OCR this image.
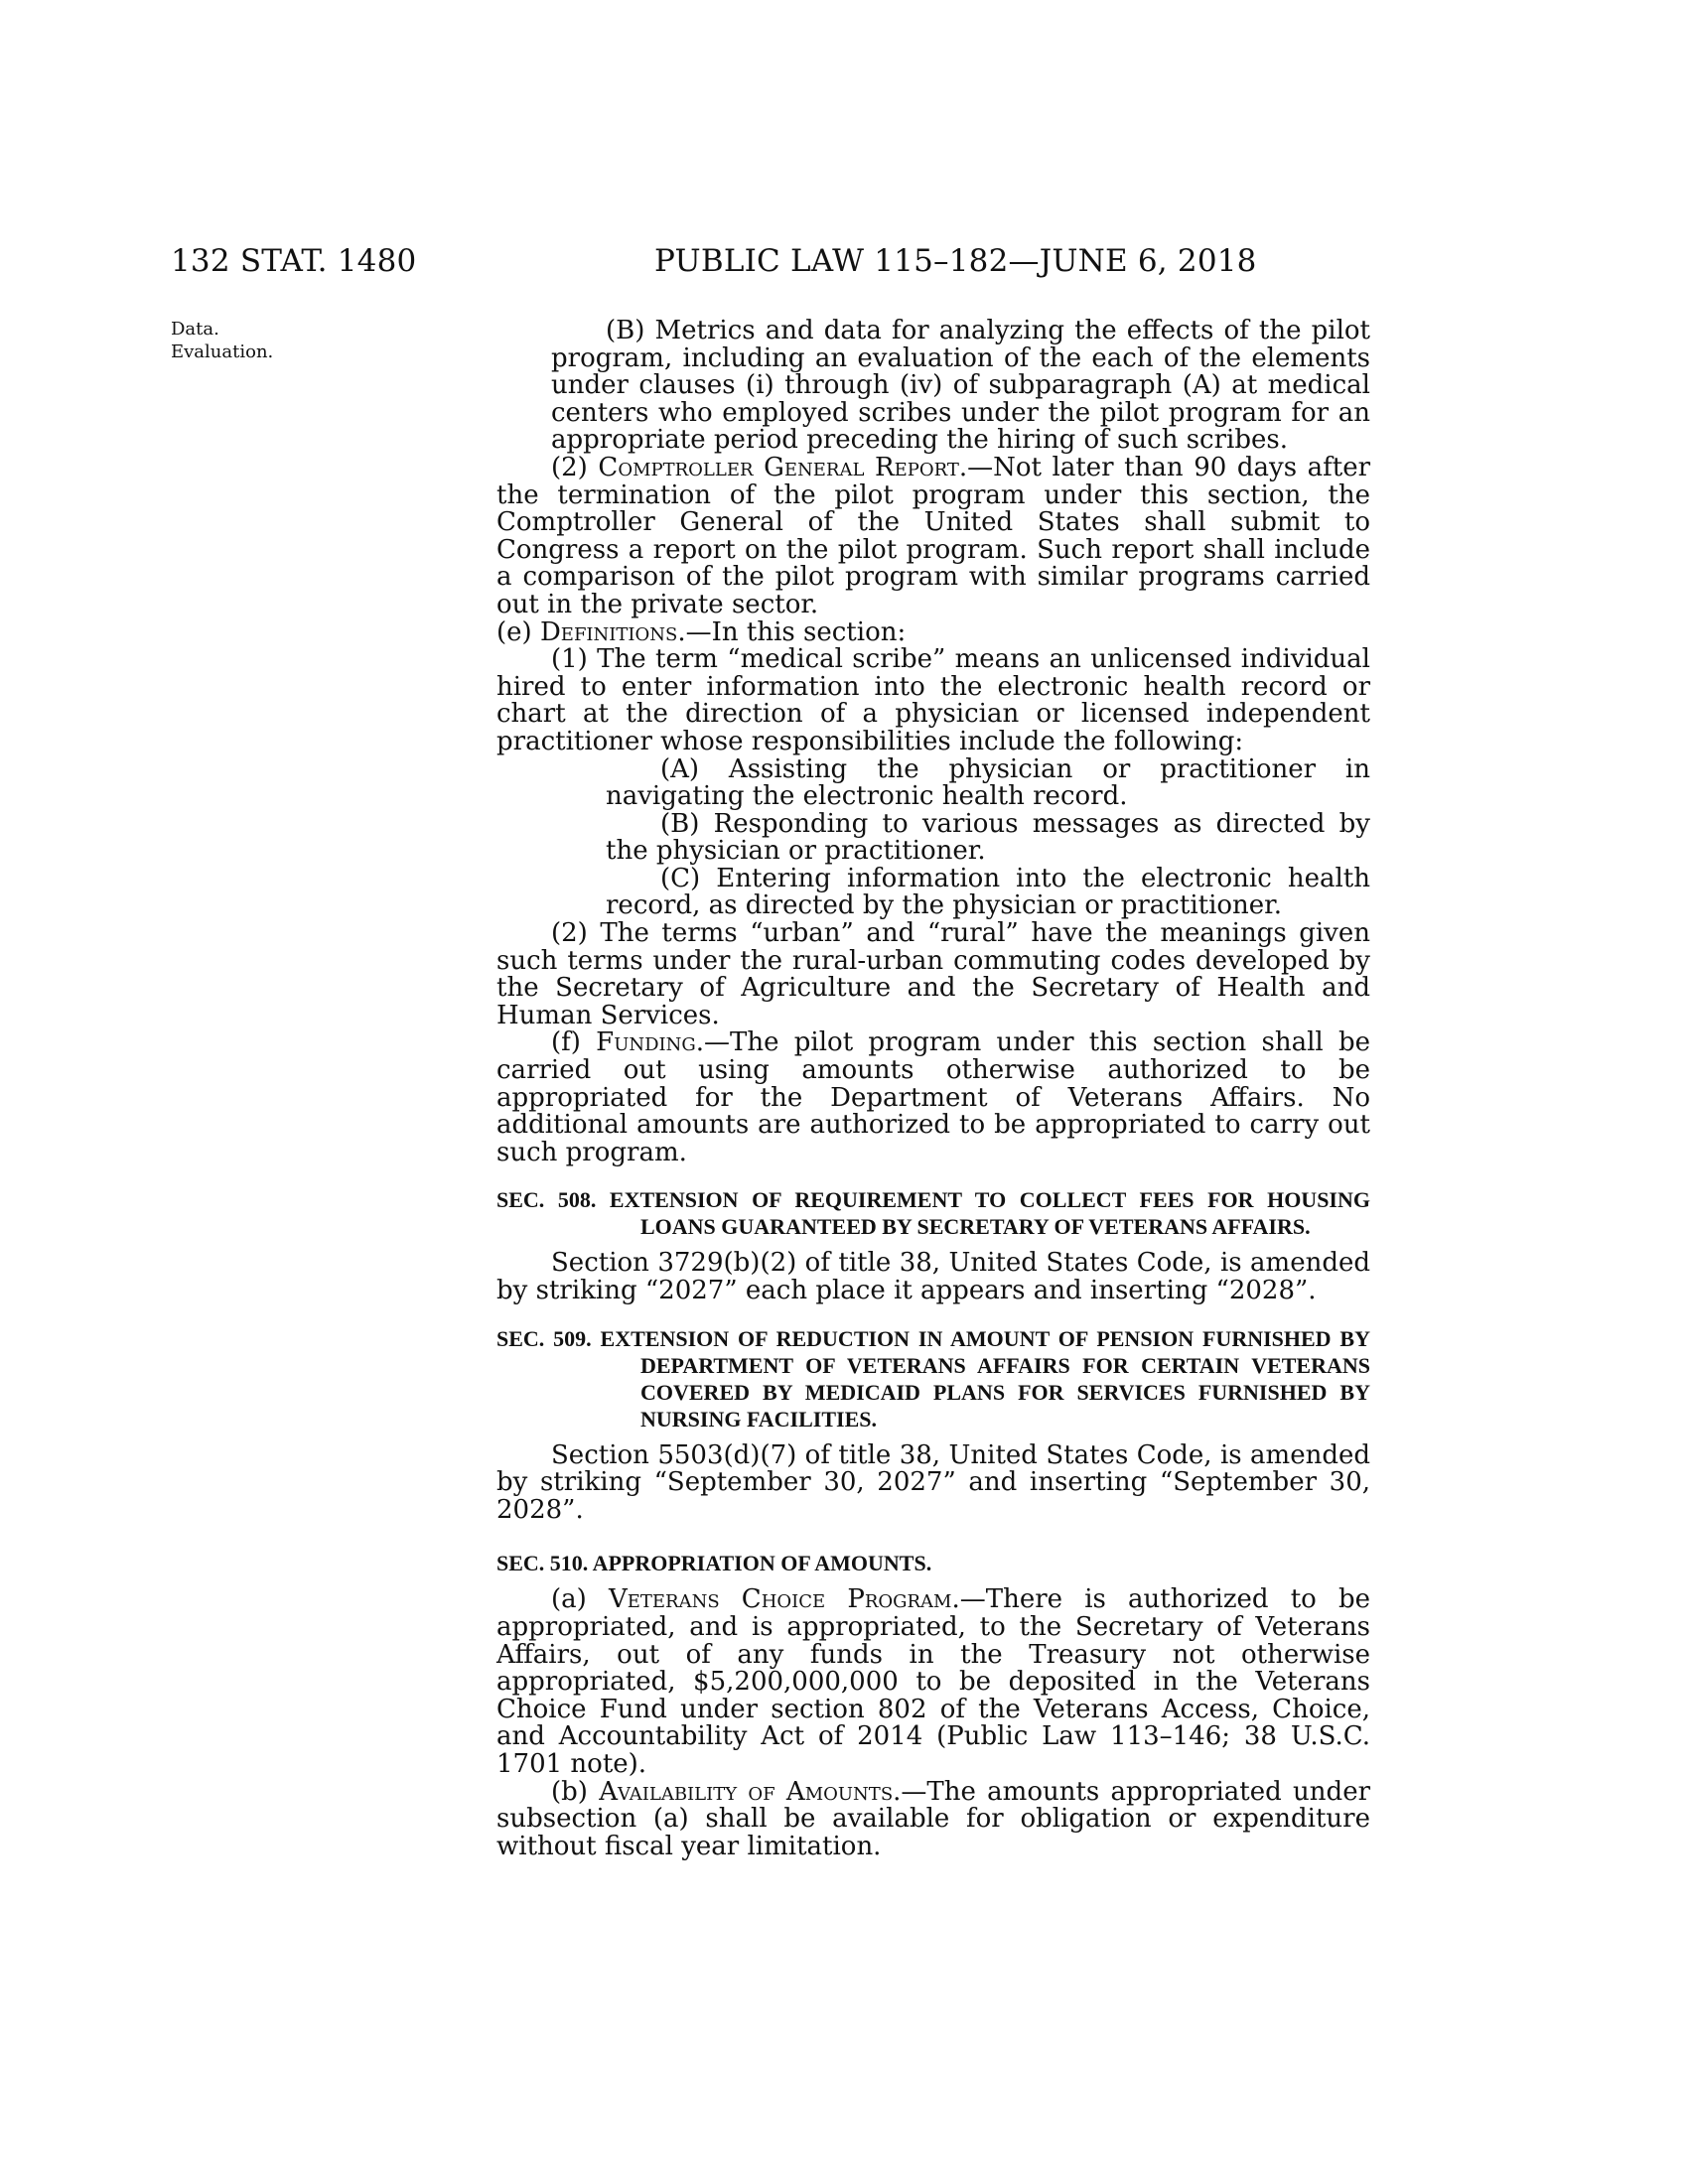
132 STAT. 1480	PUBLIC LAW 115–182—JUNE 6, 2018
Data.
Evaluation.

(B) Metrics and data for analyzing the effects of the pilot program, including an evaluation of the each of the elements under clauses (i) through (iv) of subparagraph (A) at medical centers who employed scribes under the pilot program for an appropriate period preceding the hiring of such scribes.

(2) Comptroller General Report.—Not later than 90 days after the termination of the pilot program under this section, the Comptroller General of the United States shall submit to Congress a report on the pilot program. Such report shall include a comparison of the pilot program with similar programs carried out in the private sector.

(e) Definitions.—In this section:

(1) The term “medical scribe” means an unlicensed individual hired to enter information into the electronic health record or chart at the direction of a physician or licensed independent practitioner whose responsibilities include the following:

(A) Assisting the physician or practitioner in navigating the electronic health record.

(B) Responding to various messages as directed by the physician or practitioner.

(C) Entering information into the electronic health record, as directed by the physician or practitioner.

(2) The terms “urban” and “rural” have the meanings given such terms under the rural-urban commuting codes developed by the Secretary of Agriculture and the Secretary of Health and Human Services.

(f) Funding.—The pilot program under this section shall be carried out using amounts otherwise authorized to be appropriated for the Department of Veterans Affairs. No additional amounts are authorized to be appropriated to carry out such program.

SEC. 508. EXTENSION OF REQUIREMENT TO COLLECT FEES FOR HOUSING LOANS GUARANTEED BY SECRETARY OF VETERANS AFFAIRS.

Section 3729(b)(2) of title 38, United States Code, is amended by striking “2027” each place it appears and inserting “2028”.

SEC. 509. EXTENSION OF REDUCTION IN AMOUNT OF PENSION FURNISHED BY DEPARTMENT OF VETERANS AFFAIRS FOR CERTAIN VETERANS COVERED BY MEDICAID PLANS FOR SERVICES FURNISHED BY NURSING FACILITIES.

Section 5503(d)(7) of title 38, United States Code, is amended by striking “September 30, 2027” and inserting “September 30, 2028”.

SEC. 510. APPROPRIATION OF AMOUNTS.

(a) Veterans Choice Program.—There is authorized to be appropriated, and is appropriated, to the Secretary of Veterans Affairs, out of any funds in the Treasury not otherwise appropriated, $5,200,000,000 to be deposited in the Veterans Choice Fund under section 802 of the Veterans Access, Choice, and Accountability Act of 2014 (Public Law 113–146; 38 U.S.C. 1701 note).

(b) Availability of Amounts.—The amounts appropriated under subsection (a) shall be available for obligation or expenditure without fiscal year limitation.
